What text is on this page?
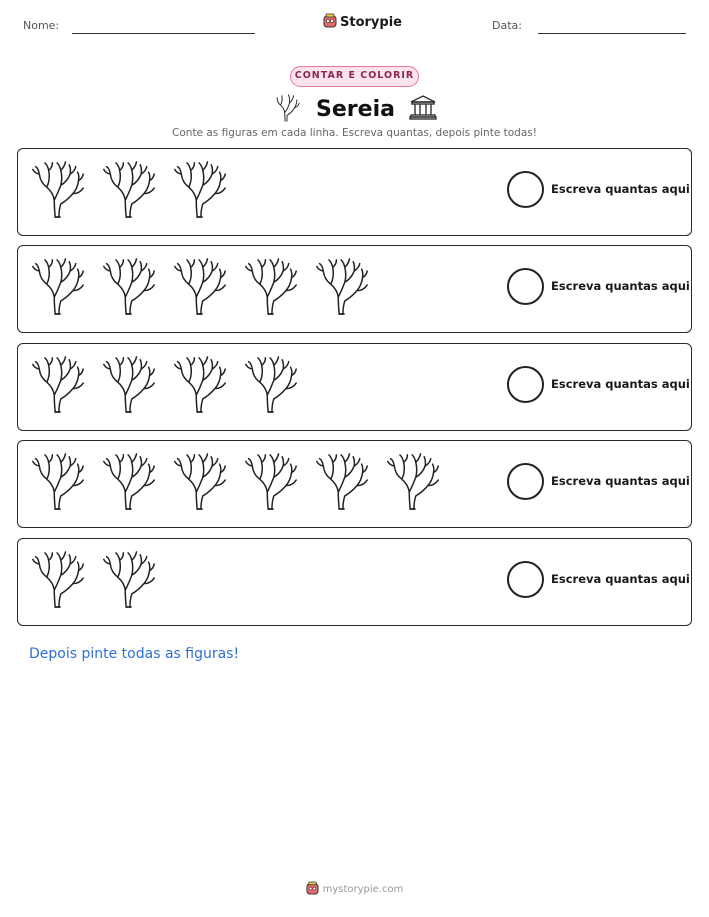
Nome:	Storypie	Data:
CONTAR E COLORIR
Sereia
Conte as figuras em cada linha. Escreva quantas, depois pinte todas!
Escreva quantas aqui
Escreva quantas aqui
Escreva quantas aqui
Escreva quantas aqui
Escreva quantas aqui
Depois pinte todas as figuras!
mystorypie.com
